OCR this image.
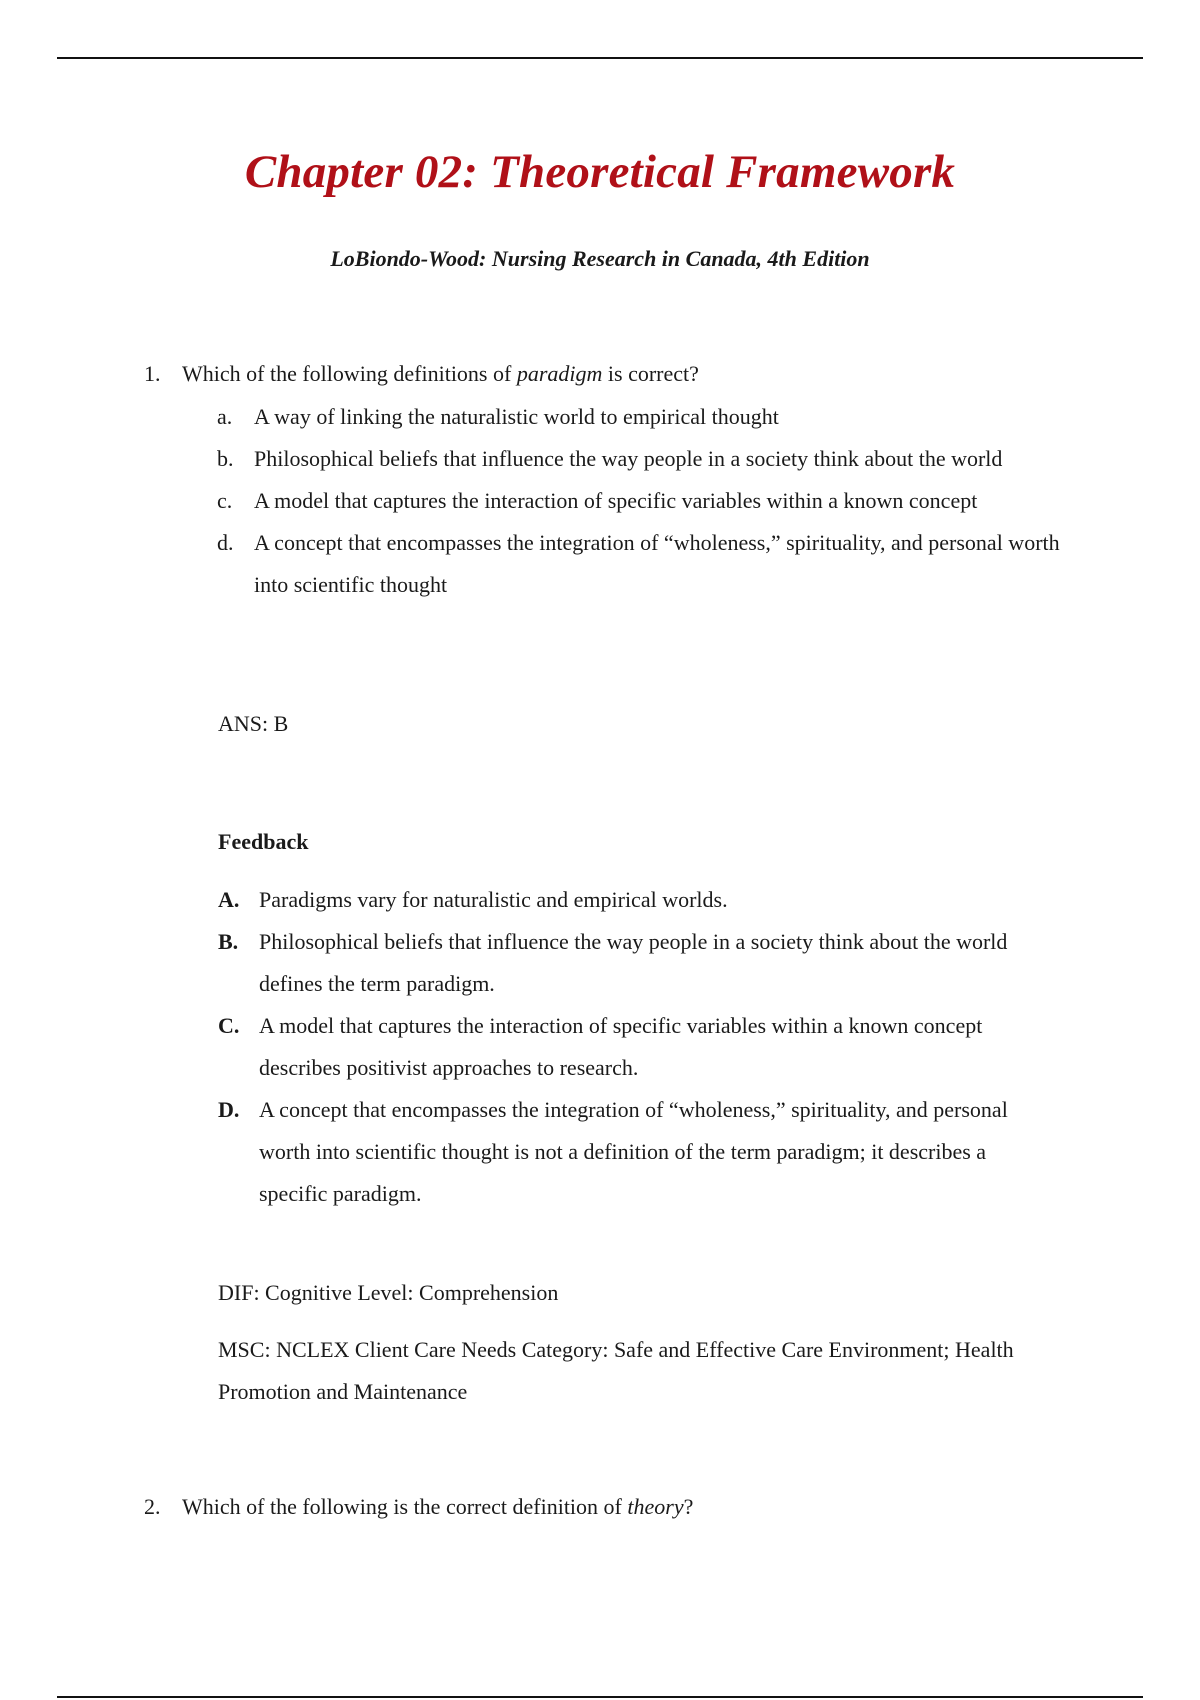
Chapter 02: Theoretical Framework
LoBiondo-Wood: Nursing Research in Canada, 4th Edition
1. Which of the following definitions of paradigm is correct?
a. A way of linking the naturalistic world to empirical thought
b. Philosophical beliefs that influence the way people in a society think about the world
c. A model that captures the interaction of specific variables within a known concept
d. A concept that encompasses the integration of “wholeness,” spirituality, and personal worth into scientific thought
ANS: B
Feedback
A. Paradigms vary for naturalistic and empirical worlds.
B. Philosophical beliefs that influence the way people in a society think about the world defines the term paradigm.
C. A model that captures the interaction of specific variables within a known concept describes positivist approaches to research.
D. A concept that encompasses the integration of “wholeness,” spirituality, and personal worth into scientific thought is not a definition of the term paradigm; it describes a specific paradigm.
DIF: Cognitive Level: Comprehension
MSC: NCLEX Client Care Needs Category: Safe and Effective Care Environment; Health Promotion and Maintenance
2. Which of the following is the correct definition of theory?
